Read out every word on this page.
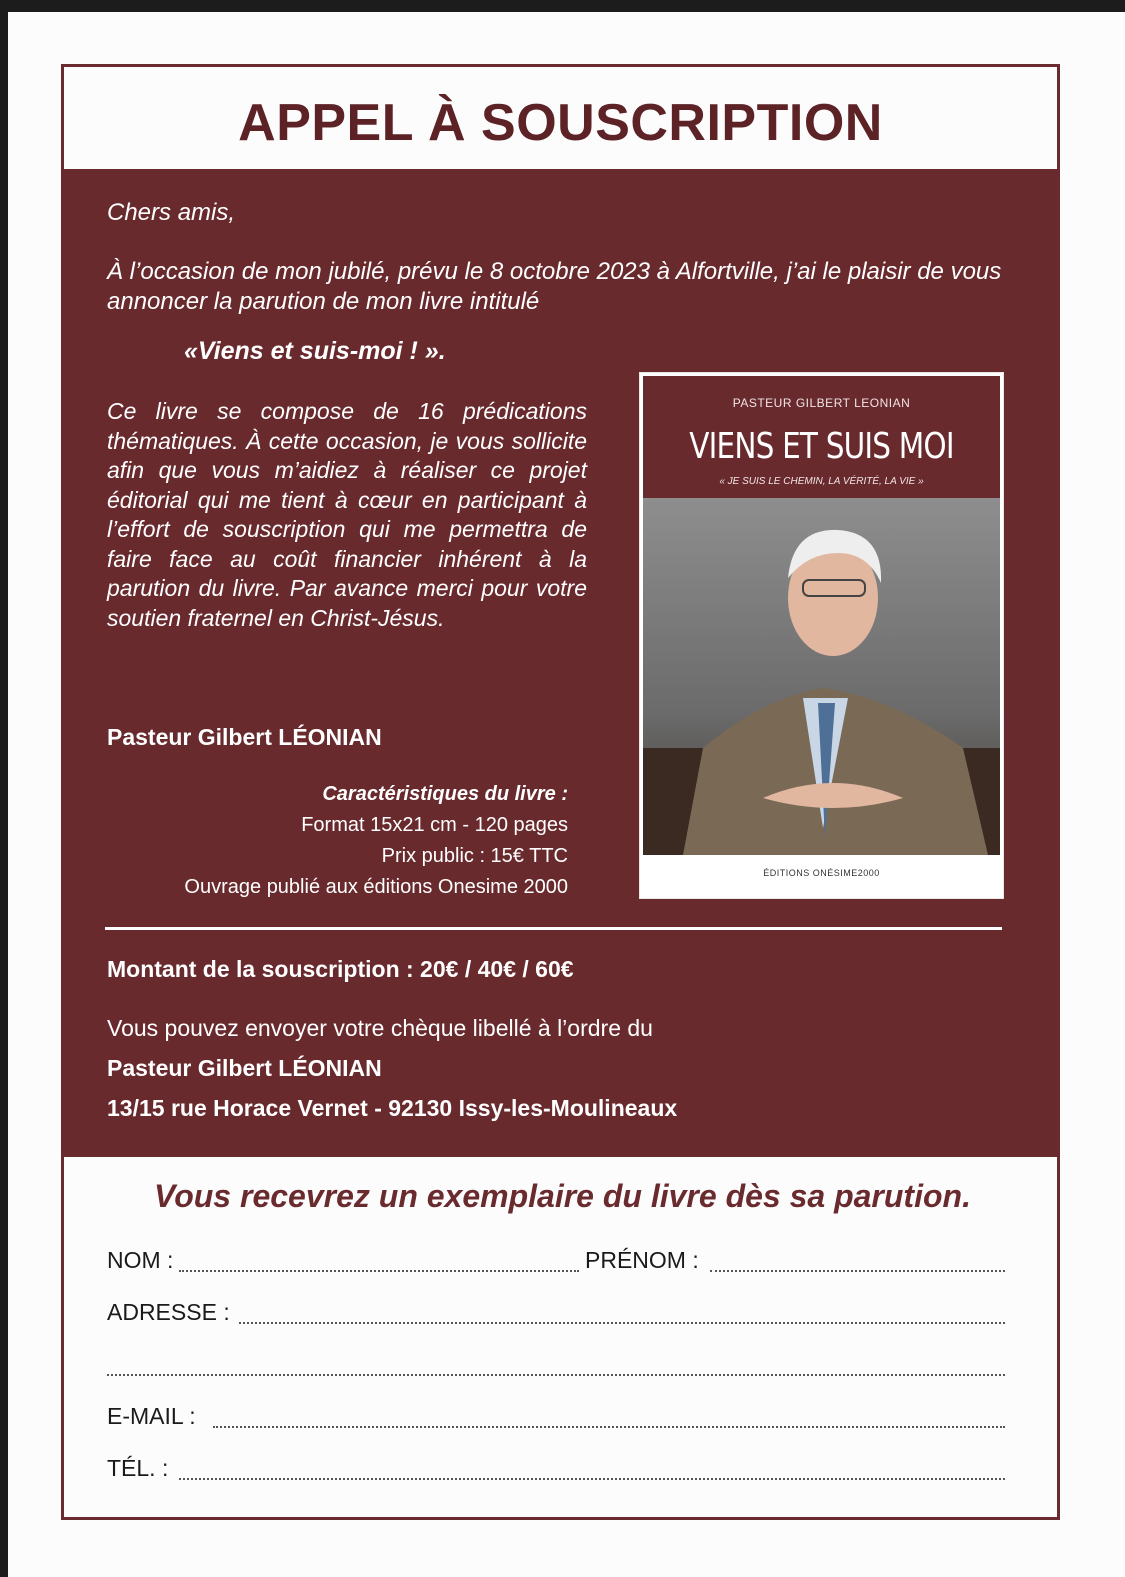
APPEL À SOUSCRIPTION

Chers amis,

À l’occasion de mon jubilé, prévu le 8 octobre 2023 à Alfortville, j’ai le plaisir de vous annoncer la parution de mon livre intitulé

«Viens et suis-moi ! ».

Ce livre se compose de 16 prédications thématiques. À cette occasion, je vous sollicite afin que vous m’aidiez à réaliser ce projet éditorial qui me tient à cœur en participant à l’effort de souscription qui me permettra de faire face au coût financier inhérent à la parution du livre. Par avance merci pour votre soutien fraternel en Christ-Jésus.

Pasteur Gilbert LÉONIAN

Caractéristiques du livre :
Format 15x21 cm - 120 pages
Prix public : 15€ TTC
Ouvrage publié aux éditions Onesime 2000
PASTEUR GILBERT LEONIAN
VIENS ET SUIS MOI
« JE SUIS LE CHEMIN, LA VÉRITÉ, LA VIE »
ÉDITIONS ONÉSIME2000

Montant de la souscription : 20€ / 40€ / 60€

Vous pouvez envoyer votre chèque libellé à l’ordre du

Pasteur Gilbert LÉONIAN

13/15 rue Horace Vernet - 92130 Issy-les-Moulineaux

Vous recevrez un exemplaire du livre dès sa parution.
NOM :	PRÉNOM :
ADRESSE :
E-MAIL :
TÉL. :
